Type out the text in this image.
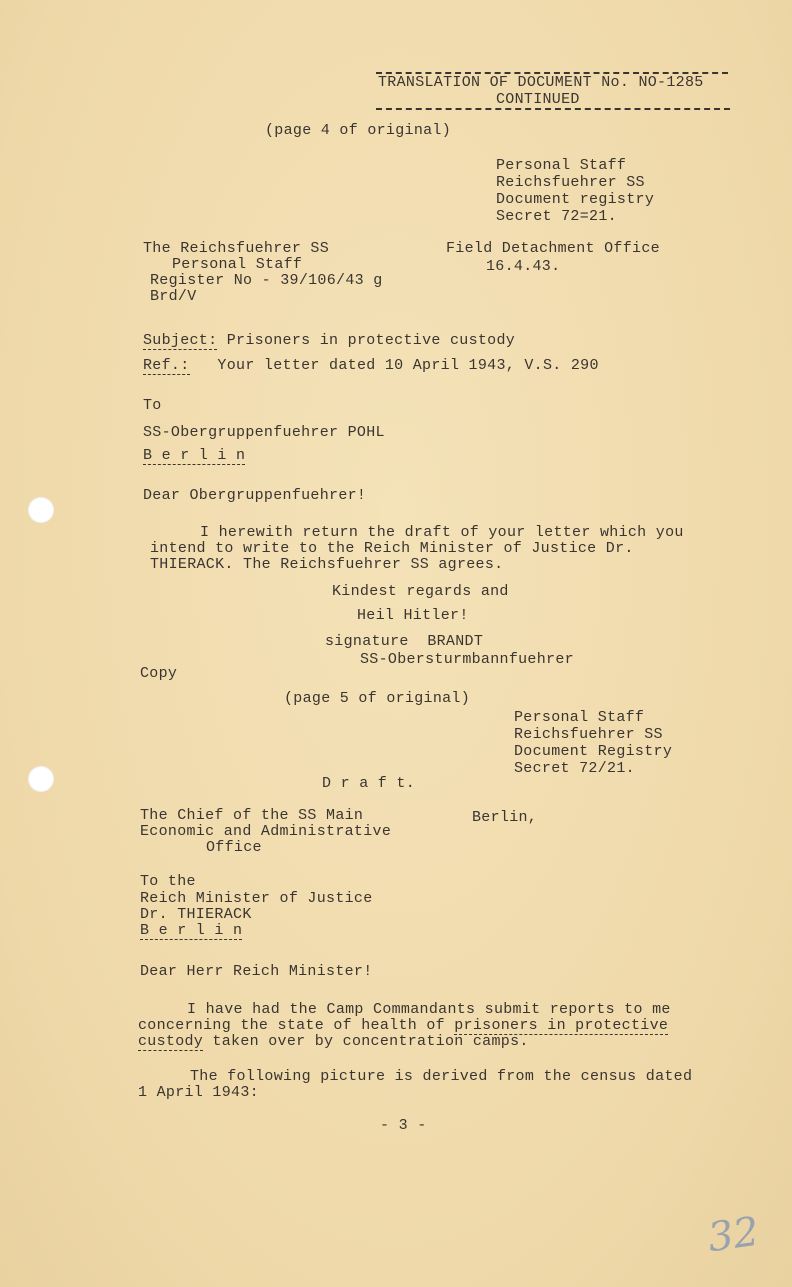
TRANSLATION OF DOCUMENT No. NO-1285
CONTINUED
(page 4 of original)
Personal Staff
Reichsfuehrer SS
Document registry
Secret 72=21.
The Reichsfuehrer SS
Personal Staff
Register No - 39/106/43 g
Brd/V
Field Detachment Office
16.4.43.
Subject: Prisoners in protective custody
Ref.: Your letter dated 10 April 1943, V.S. 290
To
SS-Obergruppenfuehrer POHL
B e r l i n
Dear Obergruppenfuehrer!
I herewith return the draft of your letter which you
intend to write to the Reich Minister of Justice Dr.
THIERACK. The Reichsfuehrer SS agrees.
Kindest regards and
Heil Hitler!
signature  BRANDT
SS-Obersturmbannfuehrer
Copy
(page 5 of original)
Personal Staff
Reichsfuehrer SS
Document Registry
Secret 72/21.
D r a f t.
The Chief of the SS Main
Economic and Administrative
Office
Berlin,
To the
Reich Minister of Justice
Dr. THIERACK
B e r l i n
Dear Herr Reich Minister!
I have had the Camp Commandants submit reports to me
concerning the state of health of prisoners in protective
custody taken over by concentration camps.
The following picture is derived from the census dated
1 April 1943:
- 3 -
32
